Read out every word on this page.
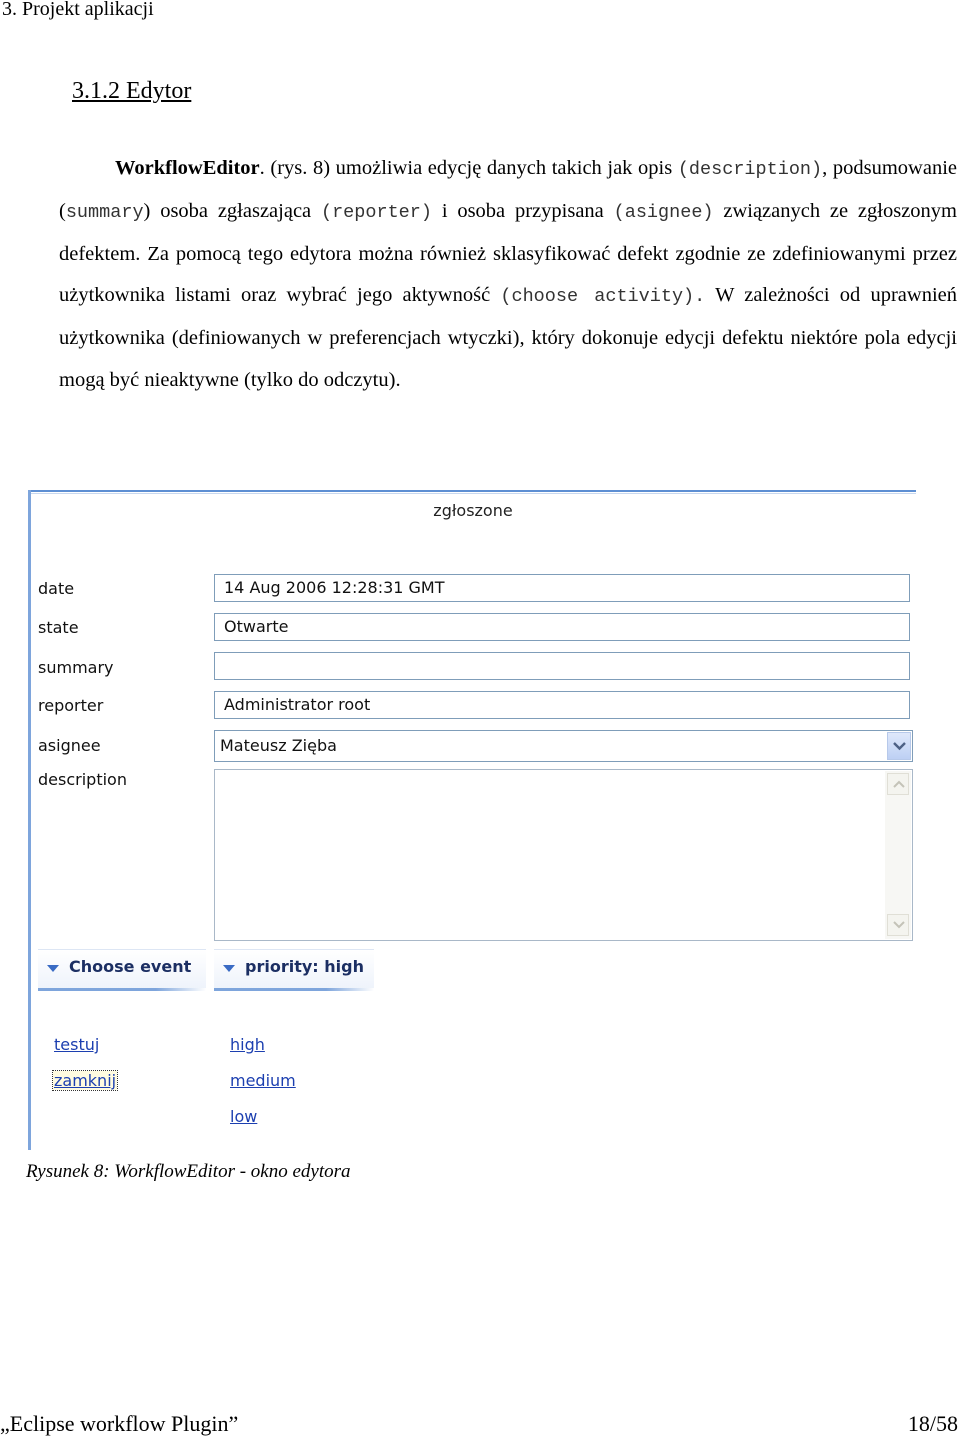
3. Projekt aplikacji
3.1.2 Edytor

WorkflowEditor. (rys. 8) umożliwia edycję danych takich jak opis (description), podsumowanie (summary) osoba zgłaszająca (reporter) i osoba przypisana (asignee) związanych ze zgłoszonym defektem. Za pomocą tego edytora można również sklasyfikować defekt zgodnie ze zdefiniowanymi przez użytkownika listami oraz wybrać jego aktywność (choose activity). W zależności od uprawnień użytkownika (definiowanych w preferencjach wtyczki), który dokonuje edycji defektu niektóre pola edycji mogą być nieaktywne (tylko do odczytu).

zgłoszone
date	14 Aug 2006 12:28:31 GMT
state	Otwarte
summary
reporter	Administrator root
asignee	Mateusz Zięba
description
Choose event	priority: high
testuj
zamknij
high
medium
low
Rysunek 8: WorkflowEditor - okno edytora
„Eclipse workflow Plugin”	18/58
